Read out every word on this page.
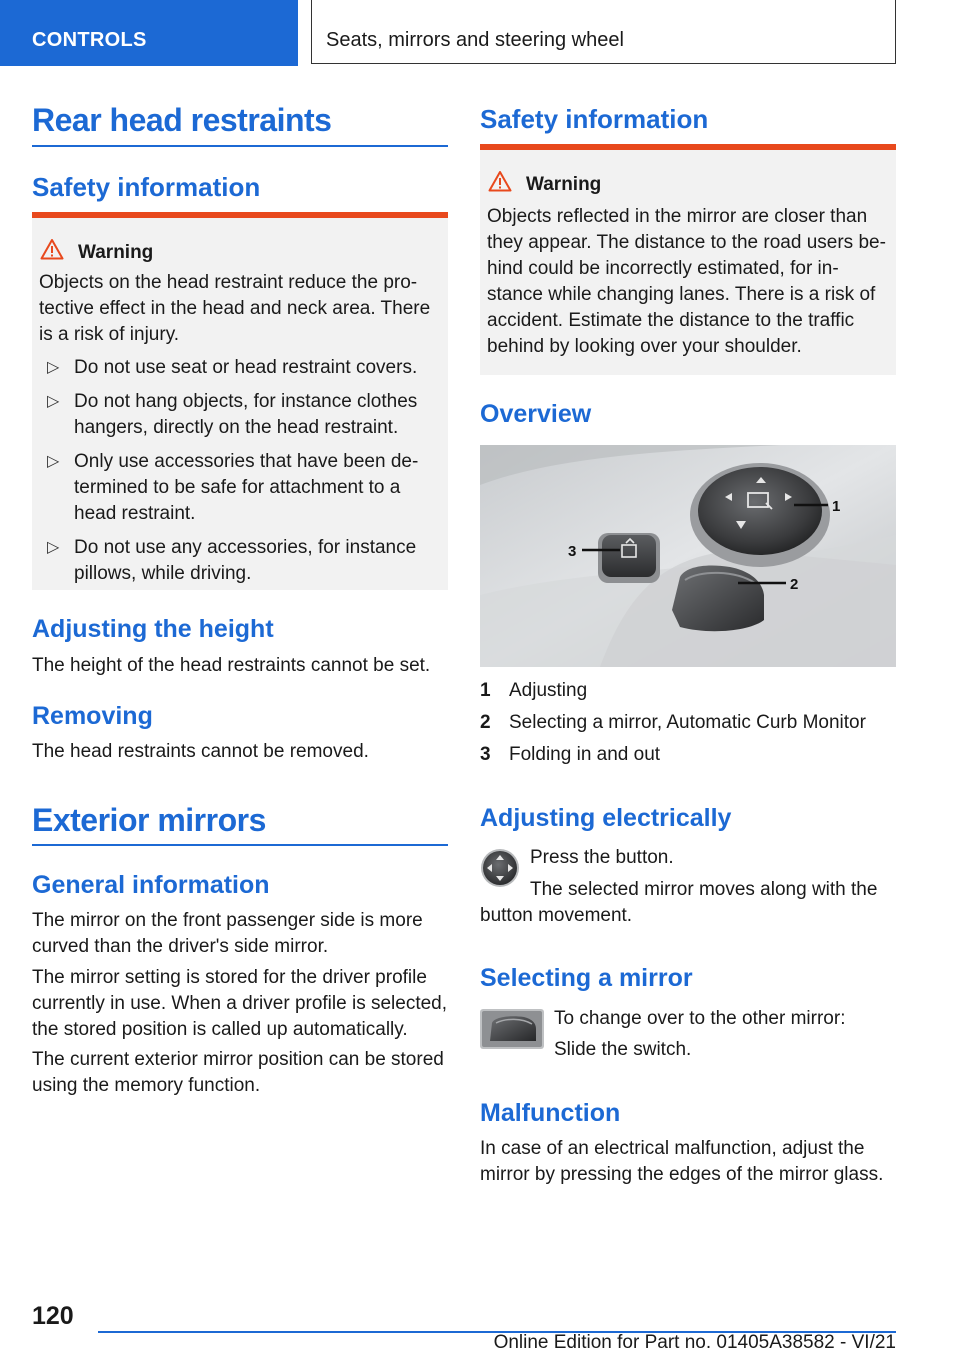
CONTROLS	Seats, mirrors and steering wheel
Rear head restraints
Safety information
Warning

Objects on the head restraint reduce the protective effect in the head and neck area. There is a risk of injury.

▷ Do not use seat or head restraint covers.
▷ Do not hang objects, for instance clothes hangers, directly on the head restraint.
▷ Only use accessories that have been determined to be safe for attachment to a head restraint.
▷ Do not use any accessories, for instance pillows, while driving.
Adjusting the height

The height of the head restraints cannot be set.

Removing

The head restraints cannot be removed.

Exterior mirrors
General information

The mirror on the front passenger side is more curved than the driver's side mirror.

The mirror setting is stored for the driver profile currently in use. When a driver profile is selected, the stored position is called up automatically.

The current exterior mirror position can be stored using the memory function.

Safety information
Warning

Objects reflected in the mirror are closer than they appear. The distance to the road users behind could be incorrectly estimated, for instance while changing lanes. There is a risk of accident. Estimate the distance to the traffic behind by looking over your shoulder.

Overview
1
2
3
1 Adjusting
2 Selecting a mirror, Automatic Curb Monitor
3 Folding in and out
Adjusting electrically

Press the button.

The selected mirror moves along with the button movement.

Selecting a mirror

To change over to the other mirror:

Slide the switch.

Malfunction

In case of an electrical malfunction, adjust the mirror by pressing the edges of the mirror glass.

120
Online Edition for Part no. 01405A38582 - VI/21
